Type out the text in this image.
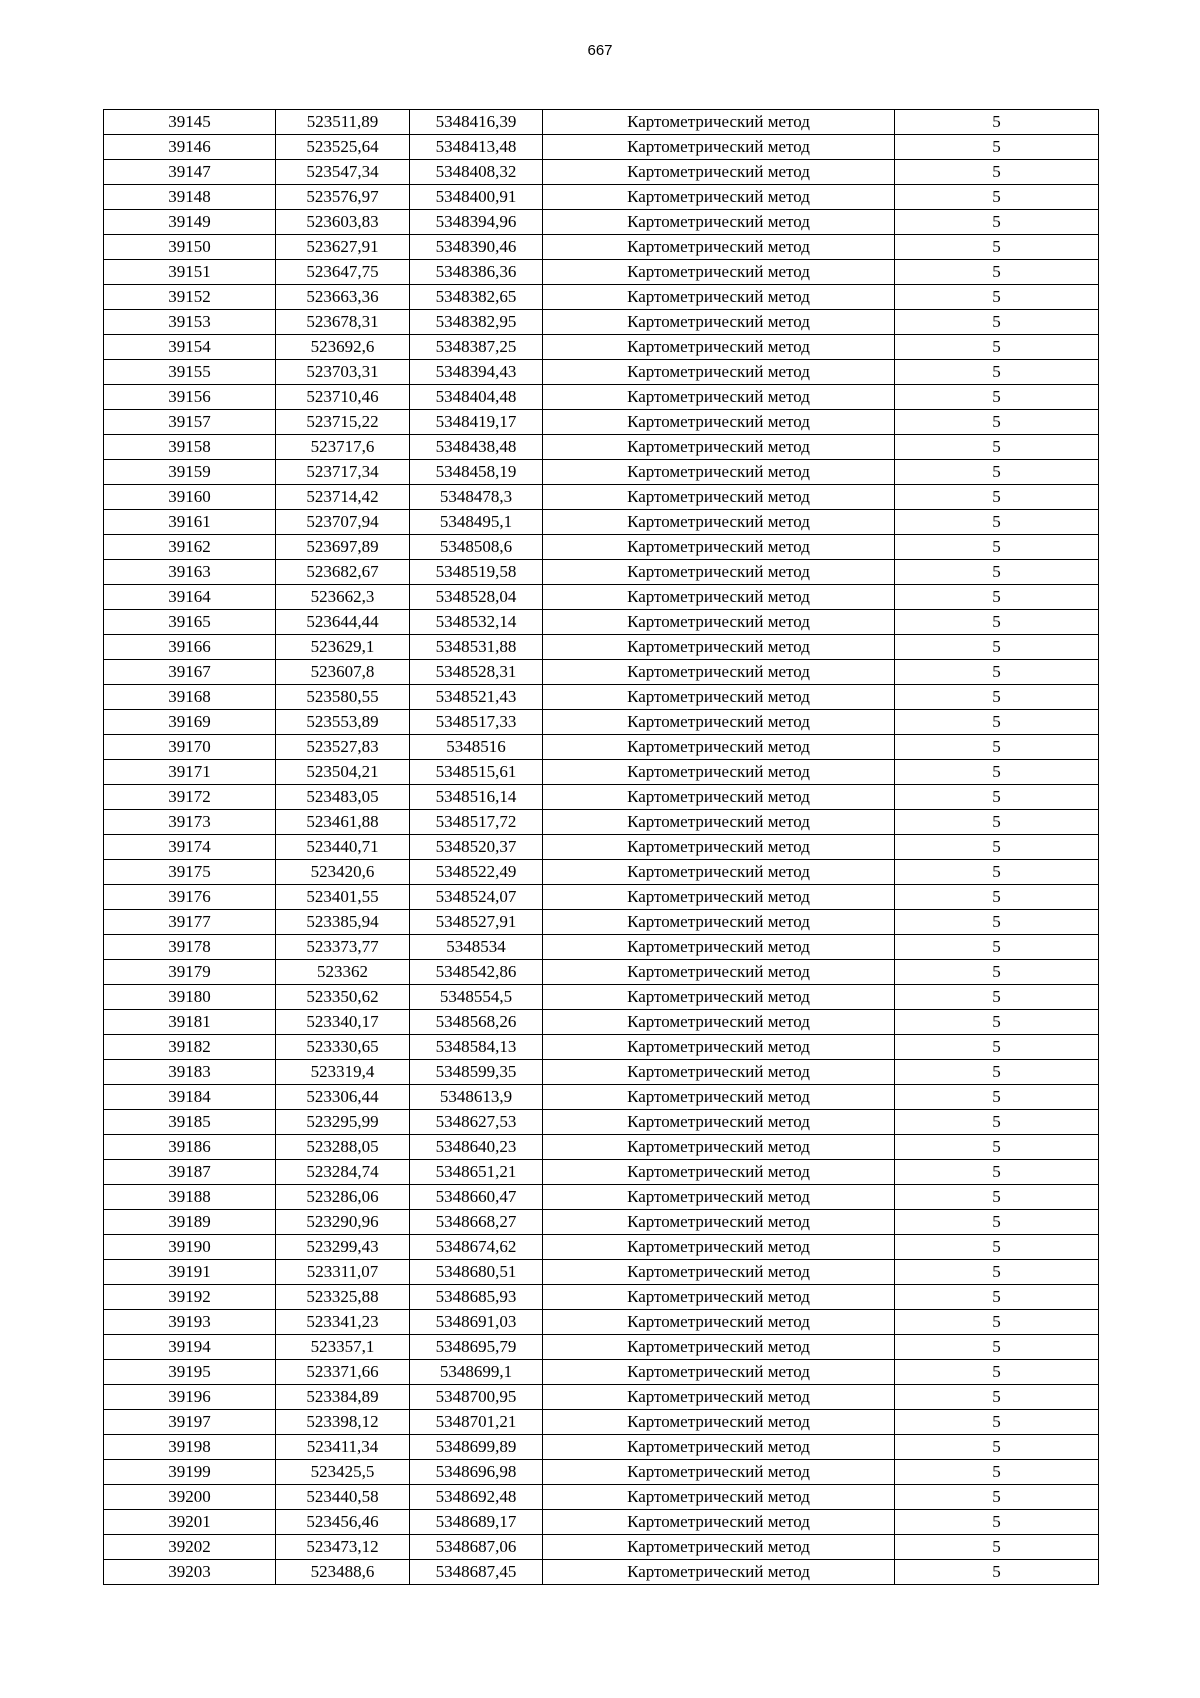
667
39145	523511,89	5348416,39	Картометрический метод	5
39146	523525,64	5348413,48	Картометрический метод	5
39147	523547,34	5348408,32	Картометрический метод	5
39148	523576,97	5348400,91	Картометрический метод	5
39149	523603,83	5348394,96	Картометрический метод	5
39150	523627,91	5348390,46	Картометрический метод	5
39151	523647,75	5348386,36	Картометрический метод	5
39152	523663,36	5348382,65	Картометрический метод	5
39153	523678,31	5348382,95	Картометрический метод	5
39154	523692,6	5348387,25	Картометрический метод	5
39155	523703,31	5348394,43	Картометрический метод	5
39156	523710,46	5348404,48	Картометрический метод	5
39157	523715,22	5348419,17	Картометрический метод	5
39158	523717,6	5348438,48	Картометрический метод	5
39159	523717,34	5348458,19	Картометрический метод	5
39160	523714,42	5348478,3	Картометрический метод	5
39161	523707,94	5348495,1	Картометрический метод	5
39162	523697,89	5348508,6	Картометрический метод	5
39163	523682,67	5348519,58	Картометрический метод	5
39164	523662,3	5348528,04	Картометрический метод	5
39165	523644,44	5348532,14	Картометрический метод	5
39166	523629,1	5348531,88	Картометрический метод	5
39167	523607,8	5348528,31	Картометрический метод	5
39168	523580,55	5348521,43	Картометрический метод	5
39169	523553,89	5348517,33	Картометрический метод	5
39170	523527,83	5348516	Картометрический метод	5
39171	523504,21	5348515,61	Картометрический метод	5
39172	523483,05	5348516,14	Картометрический метод	5
39173	523461,88	5348517,72	Картометрический метод	5
39174	523440,71	5348520,37	Картометрический метод	5
39175	523420,6	5348522,49	Картометрический метод	5
39176	523401,55	5348524,07	Картометрический метод	5
39177	523385,94	5348527,91	Картометрический метод	5
39178	523373,77	5348534	Картометрический метод	5
39179	523362	5348542,86	Картометрический метод	5
39180	523350,62	5348554,5	Картометрический метод	5
39181	523340,17	5348568,26	Картометрический метод	5
39182	523330,65	5348584,13	Картометрический метод	5
39183	523319,4	5348599,35	Картометрический метод	5
39184	523306,44	5348613,9	Картометрический метод	5
39185	523295,99	5348627,53	Картометрический метод	5
39186	523288,05	5348640,23	Картометрический метод	5
39187	523284,74	5348651,21	Картометрический метод	5
39188	523286,06	5348660,47	Картометрический метод	5
39189	523290,96	5348668,27	Картометрический метод	5
39190	523299,43	5348674,62	Картометрический метод	5
39191	523311,07	5348680,51	Картометрический метод	5
39192	523325,88	5348685,93	Картометрический метод	5
39193	523341,23	5348691,03	Картометрический метод	5
39194	523357,1	5348695,79	Картометрический метод	5
39195	523371,66	5348699,1	Картометрический метод	5
39196	523384,89	5348700,95	Картометрический метод	5
39197	523398,12	5348701,21	Картометрический метод	5
39198	523411,34	5348699,89	Картометрический метод	5
39199	523425,5	5348696,98	Картометрический метод	5
39200	523440,58	5348692,48	Картометрический метод	5
39201	523456,46	5348689,17	Картометрический метод	5
39202	523473,12	5348687,06	Картометрический метод	5
39203	523488,6	5348687,45	Картометрический метод	5
